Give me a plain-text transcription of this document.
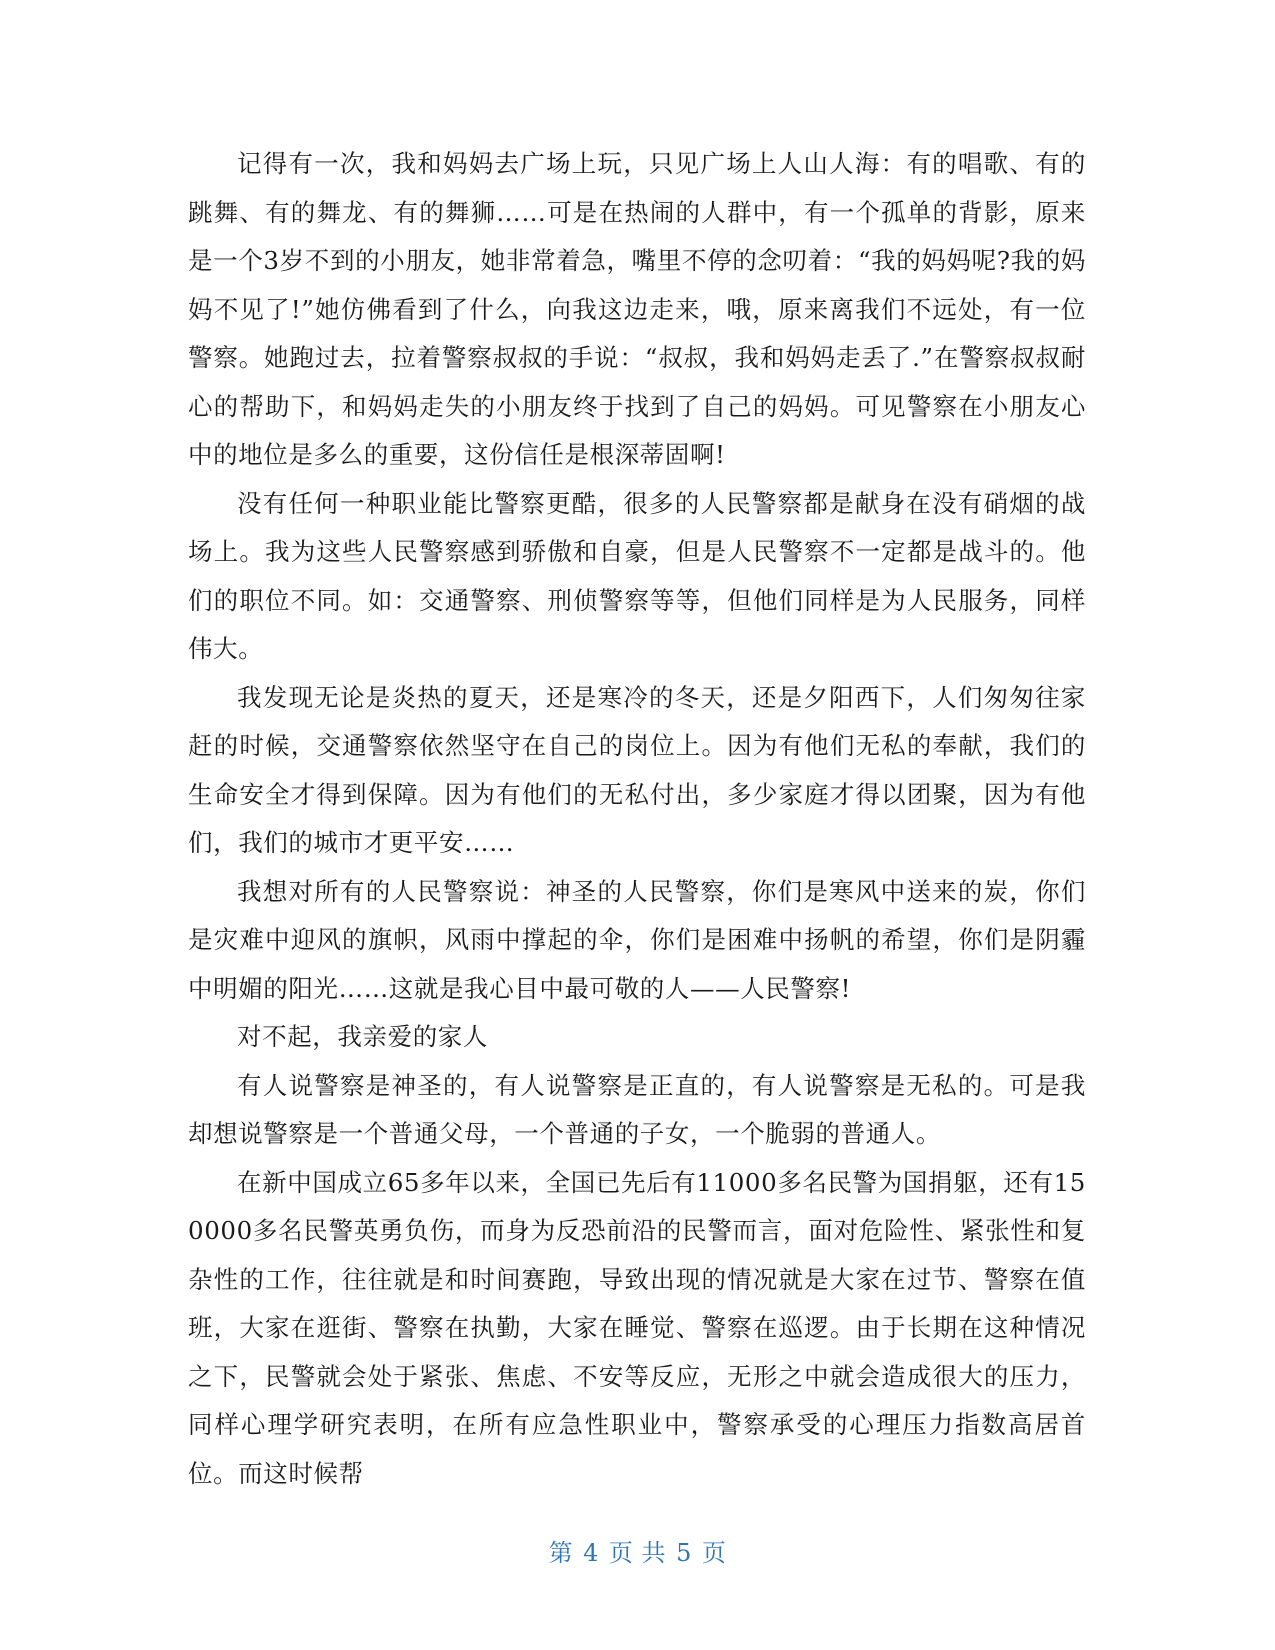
记得有一次，我和妈妈去广场上玩，只见广场上人山人海：有的唱歌、有的跳舞、有的舞龙、有的舞狮……可是在热闹的人群中，有一个孤单的背影，原来是一个3岁不到的小朋友，她非常着急，嘴里不停的念叨着：“我的妈妈呢?我的妈妈不见了!”她仿佛看到了什么，向我这边走来，哦，原来离我们不远处，有一位警察。她跑过去，拉着警察叔叔的手说：“叔叔，我和妈妈走丢了.”在警察叔叔耐心的帮助下，和妈妈走失的小朋友终于找到了自己的妈妈。可见警察在小朋友心中的地位是多么的重要，这份信任是根深蒂固啊!

没有任何一种职业能比警察更酷，很多的人民警察都是献身在没有硝烟的战场上。我为这些人民警察感到骄傲和自豪，但是人民警察不一定都是战斗的。他们的职位不同。如：交通警察、刑侦警察等等，但他们同样是为人民服务，同样伟大。

我发现无论是炎热的夏天，还是寒冷的冬天，还是夕阳西下，人们匆匆往家赶的时候，交通警察依然坚守在自己的岗位上。因为有他们无私的奉献，我们的生命安全才得到保障。因为有他们的无私付出，多少家庭才得以团聚，因为有他们，我们的城市才更平安……

我想对所有的人民警察说：神圣的人民警察，你们是寒风中送来的炭，你们是灾难中迎风的旗帜，风雨中撑起的伞，你们是困难中扬帆的希望，你们是阴霾中明媚的阳光……这就是我心目中最可敬的人——人民警察!

对不起，我亲爱的家人

有人说警察是神圣的，有人说警察是正直的，有人说警察是无私的。可是我却想说警察是一个普通父母，一个普通的子女，一个脆弱的普通人。

在新中国成立65多年以来，全国已先后有11000多名民警为国捐躯，还有150000多名民警英勇负伤，而身为反恐前沿的民警而言，面对危险性、紧张性和复杂性的工作，往往就是和时间赛跑，导致出现的情况就是大家在过节、警察在值班，大家在逛街、警察在执勤，大家在睡觉、警察在巡逻。由于长期在这种情况之下，民警就会处于紧张、焦虑、不安等反应，无形之中就会造成很大的压力，同样心理学研究表明，在所有应急性职业中，警察承受的心理压力指数高居首位。而这时候帮

第 4 页 共 5 页
